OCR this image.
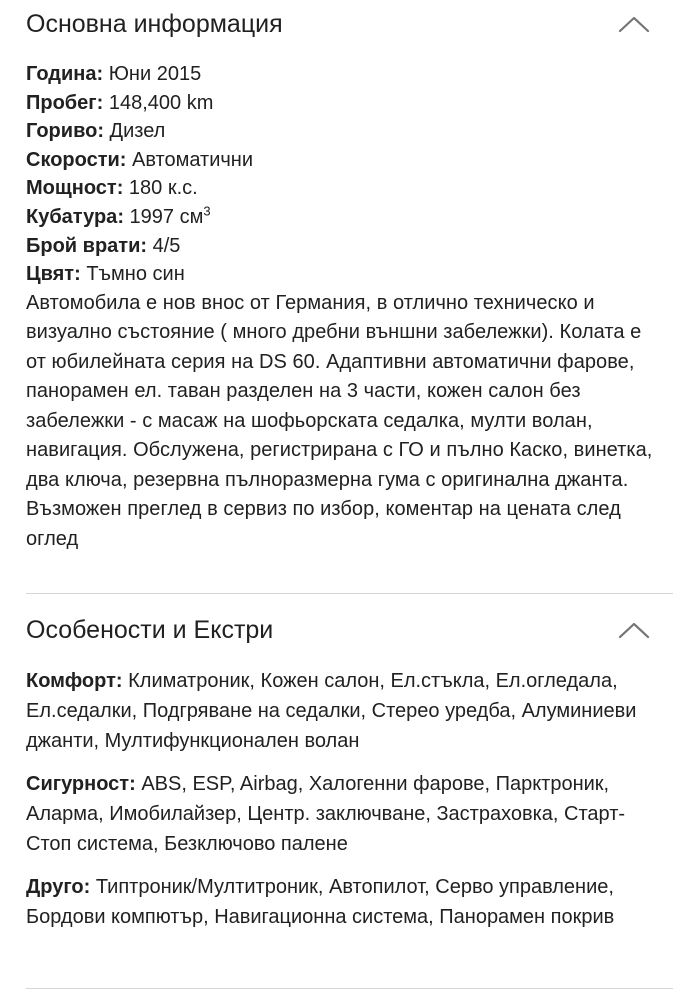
Основна информация
Година: Юни 2015
Пробег: 148,400 km
Гориво: Дизел
Скорости: Автоматични
Мощност: 180 к.с.
Кубатура: 1997 $см^3$
Брой врати: 4/5
Цвят: Тъмно син

Автомобила е нов внос от Германия, в отлично техническо и визуално състояние ( много дребни външни забележки). Колата е от юбилейната серия на DS 60. Адаптивни автоматични фарове, панорамен ел. таван разделен на 3 части, кожен салон без забележки - с масаж на шофьорската седалка, мулти волан, навигация. Обслужена, регистрирана с ГО и пълно Каско, винетка, два ключа, резервна пълноразмерна гума с оригинална джанта. Възможен преглед в сервиз по избор, коментар на цената след оглед

Особености и Екстри

Комфорт: Климатроник, Кожен салон, Ел.стъкла, Ел.огледала, Ел.седалки, Подгряване на седалки, Стерео уредба, Алуминиеви джанти, Мултифункционален волан

Сигурност: ABS, ESP, Airbag, Халогенни фарове, Парктроник, Аларма, Имобилайзер, Центр. заключване, Застраховка, Старт-Стоп система, Безключово палене

Друго: Типтроник/Мултитроник, Автопилот, Серво управление, Бордови компютър, Навигационна система, Панорамен покрив
